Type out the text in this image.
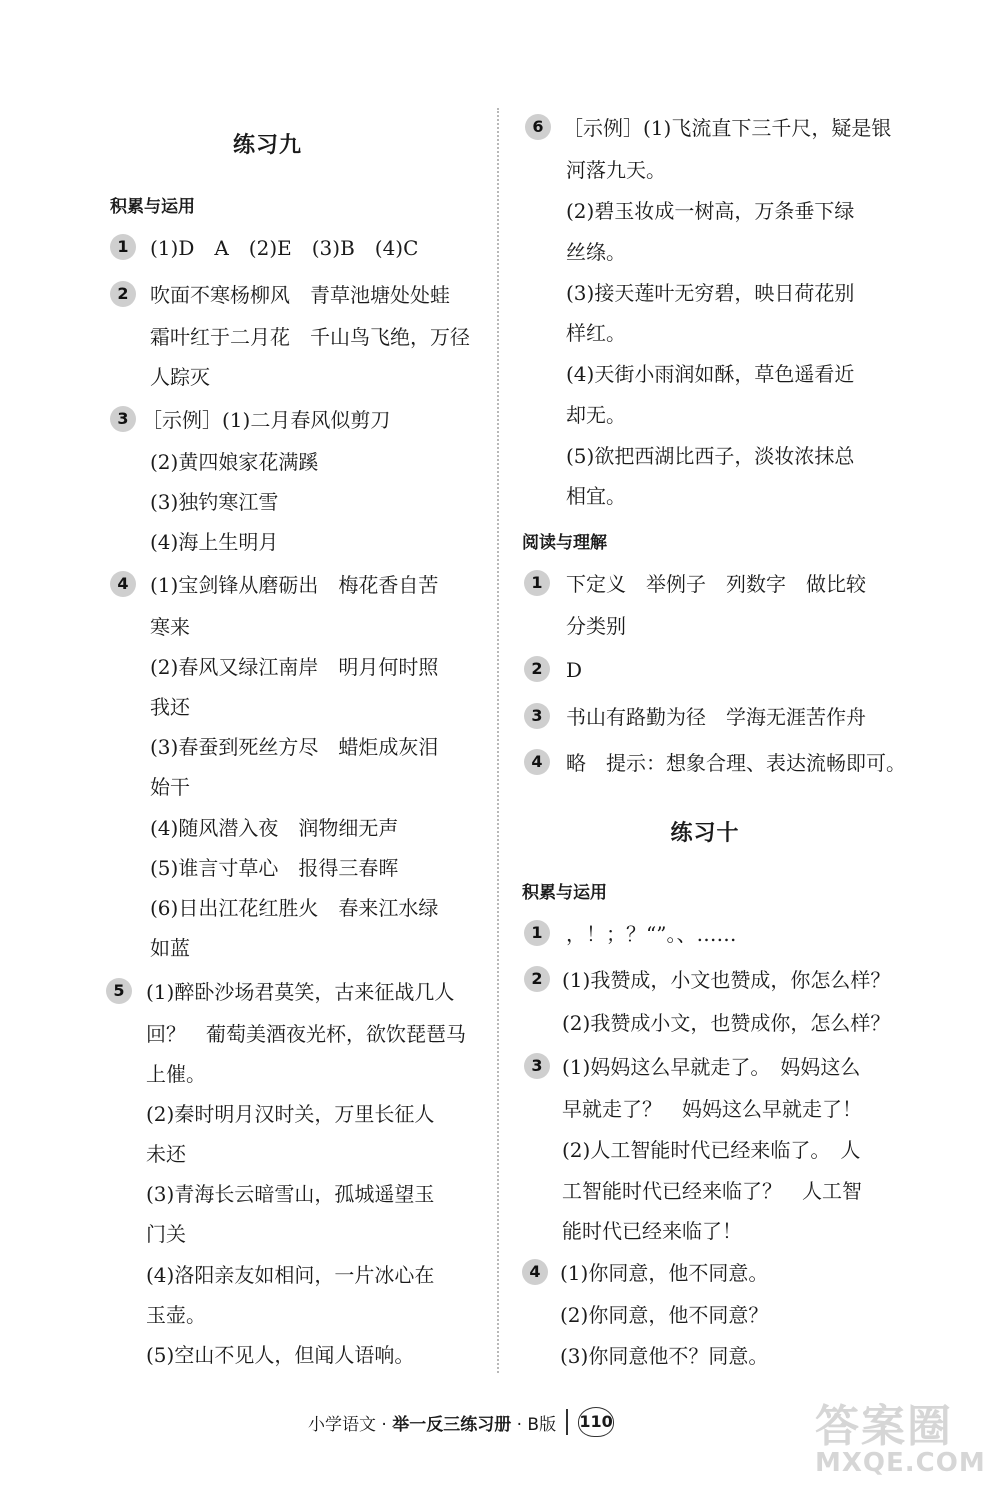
练习九
积累与运用
1	(1)D　A　(2)E　(3)B　(4)C
2	吹面不寒杨柳风　青草池塘处处蛙
霜叶红于二月花　千山鸟飞绝，万径
人踪灭
3 ［示例］(1)二月春风似剪刀
(2)黄四娘家花满蹊
(3)独钓寒江雪
(4)海上生明月
4	(1)宝剑锋从磨砺出　梅花香自苦
寒来
(2)春风又绿江南岸　明月何时照
我还
(3)春蚕到死丝方尽　蜡炬成灰泪
始干
(4)随风潜入夜　润物细无声
(5)谁言寸草心　报得三春晖
(6)日出江花红胜火　春来江水绿
如蓝
5	(1)醉卧沙场君莫笑，古来征战几人
回？　葡萄美酒夜光杯，欲饮琵琶马
上催。
(2)秦时明月汉时关，万里长征人
未还
(3)青海长云暗雪山，孤城遥望玉
门关
(4)洛阳亲友如相问，一片冰心在
玉壶。
(5)空山不见人，但闻人语响。
6 ［示例］(1)飞流直下三千尺，疑是银
河落九天。
(2)碧玉妆成一树高，万条垂下绿
丝绦。
(3)接天莲叶无穷碧，映日荷花别
样红。
(4)天街小雨润如酥，草色遥看近
却无。
(5)欲把西湖比西子，淡妆浓抹总
相宜。
阅读与理解
1	下定义　举例子　列数字　做比较
分类别
2	D
3	书山有路勤为径　学海无涯苦作舟
4	略　提示：想象合理、表达流畅即可。
练习十
积累与运用
1	，！；？“”。、……
2 (1)我赞成，小文也赞成，你怎么样？
(2)我赞成小文，也赞成你，怎么样？
3 (1)妈妈这么早就走了。　妈妈这么
早就走了？　妈妈这么早就走了！
(2)人工智能时代已经来临了。　人
工智能时代已经来临了？　人工智
能时代已经来临了！
4 (1)你同意，他不同意。
(2)你同意，他不同意？
(3)你同意他不？同意。
小学语文 · 举一反三练习册 · B版 110	答案圈
MXQE.COM
